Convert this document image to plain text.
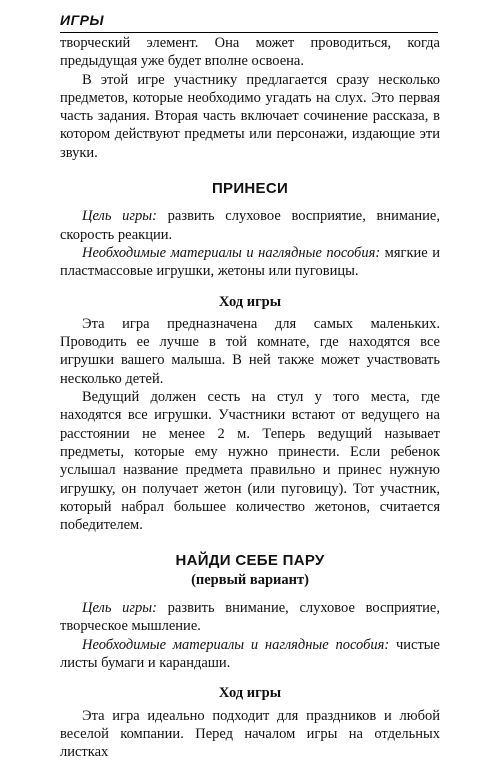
ИГРЫ

творческий элемент. Она может проводиться, когда предыдущая уже будет вполне освоена.

В этой игре участнику предлагается сразу несколько предметов, которые необходимо угадать на слух. Это первая часть задания. Вторая часть включает сочинение рассказа, в котором действуют предметы или персонажи, издающие эти звуки.

ПРИНЕСИ

Цель игры: развить слуховое восприятие, внимание, скорость реакции.

Необходимые материалы и наглядные пособия: мягкие и пластмассовые игрушки, жетоны или пуговицы.

Ход игры

Эта игра предназначена для самых маленьких. Проводить ее лучше в той комнате, где находятся все игрушки вашего малыша. В ней также может участвовать несколько детей.

Ведущий должен сесть на стул у того места, где находятся все игрушки. Участники встают от ведущего на расстоянии не менее 2 м. Теперь ведущий называет предметы, которые ему нужно принести. Если ребенок услышал название предмета правильно и принес нужную игрушку, он получает жетон (или пуговицу). Тот участник, который набрал большее количество жетонов, считается победителем.

НАЙДИ СЕБЕ ПАРУ
(первый вариант)

Цель игры: развить внимание, слуховое восприятие, творческое мышление.

Необходимые материалы и наглядные пособия: чистые листы бумаги и карандаши.

Ход игры

Эта игра идеально подходит для праздников и любой веселой компании. Перед началом игры на отдельных листках
